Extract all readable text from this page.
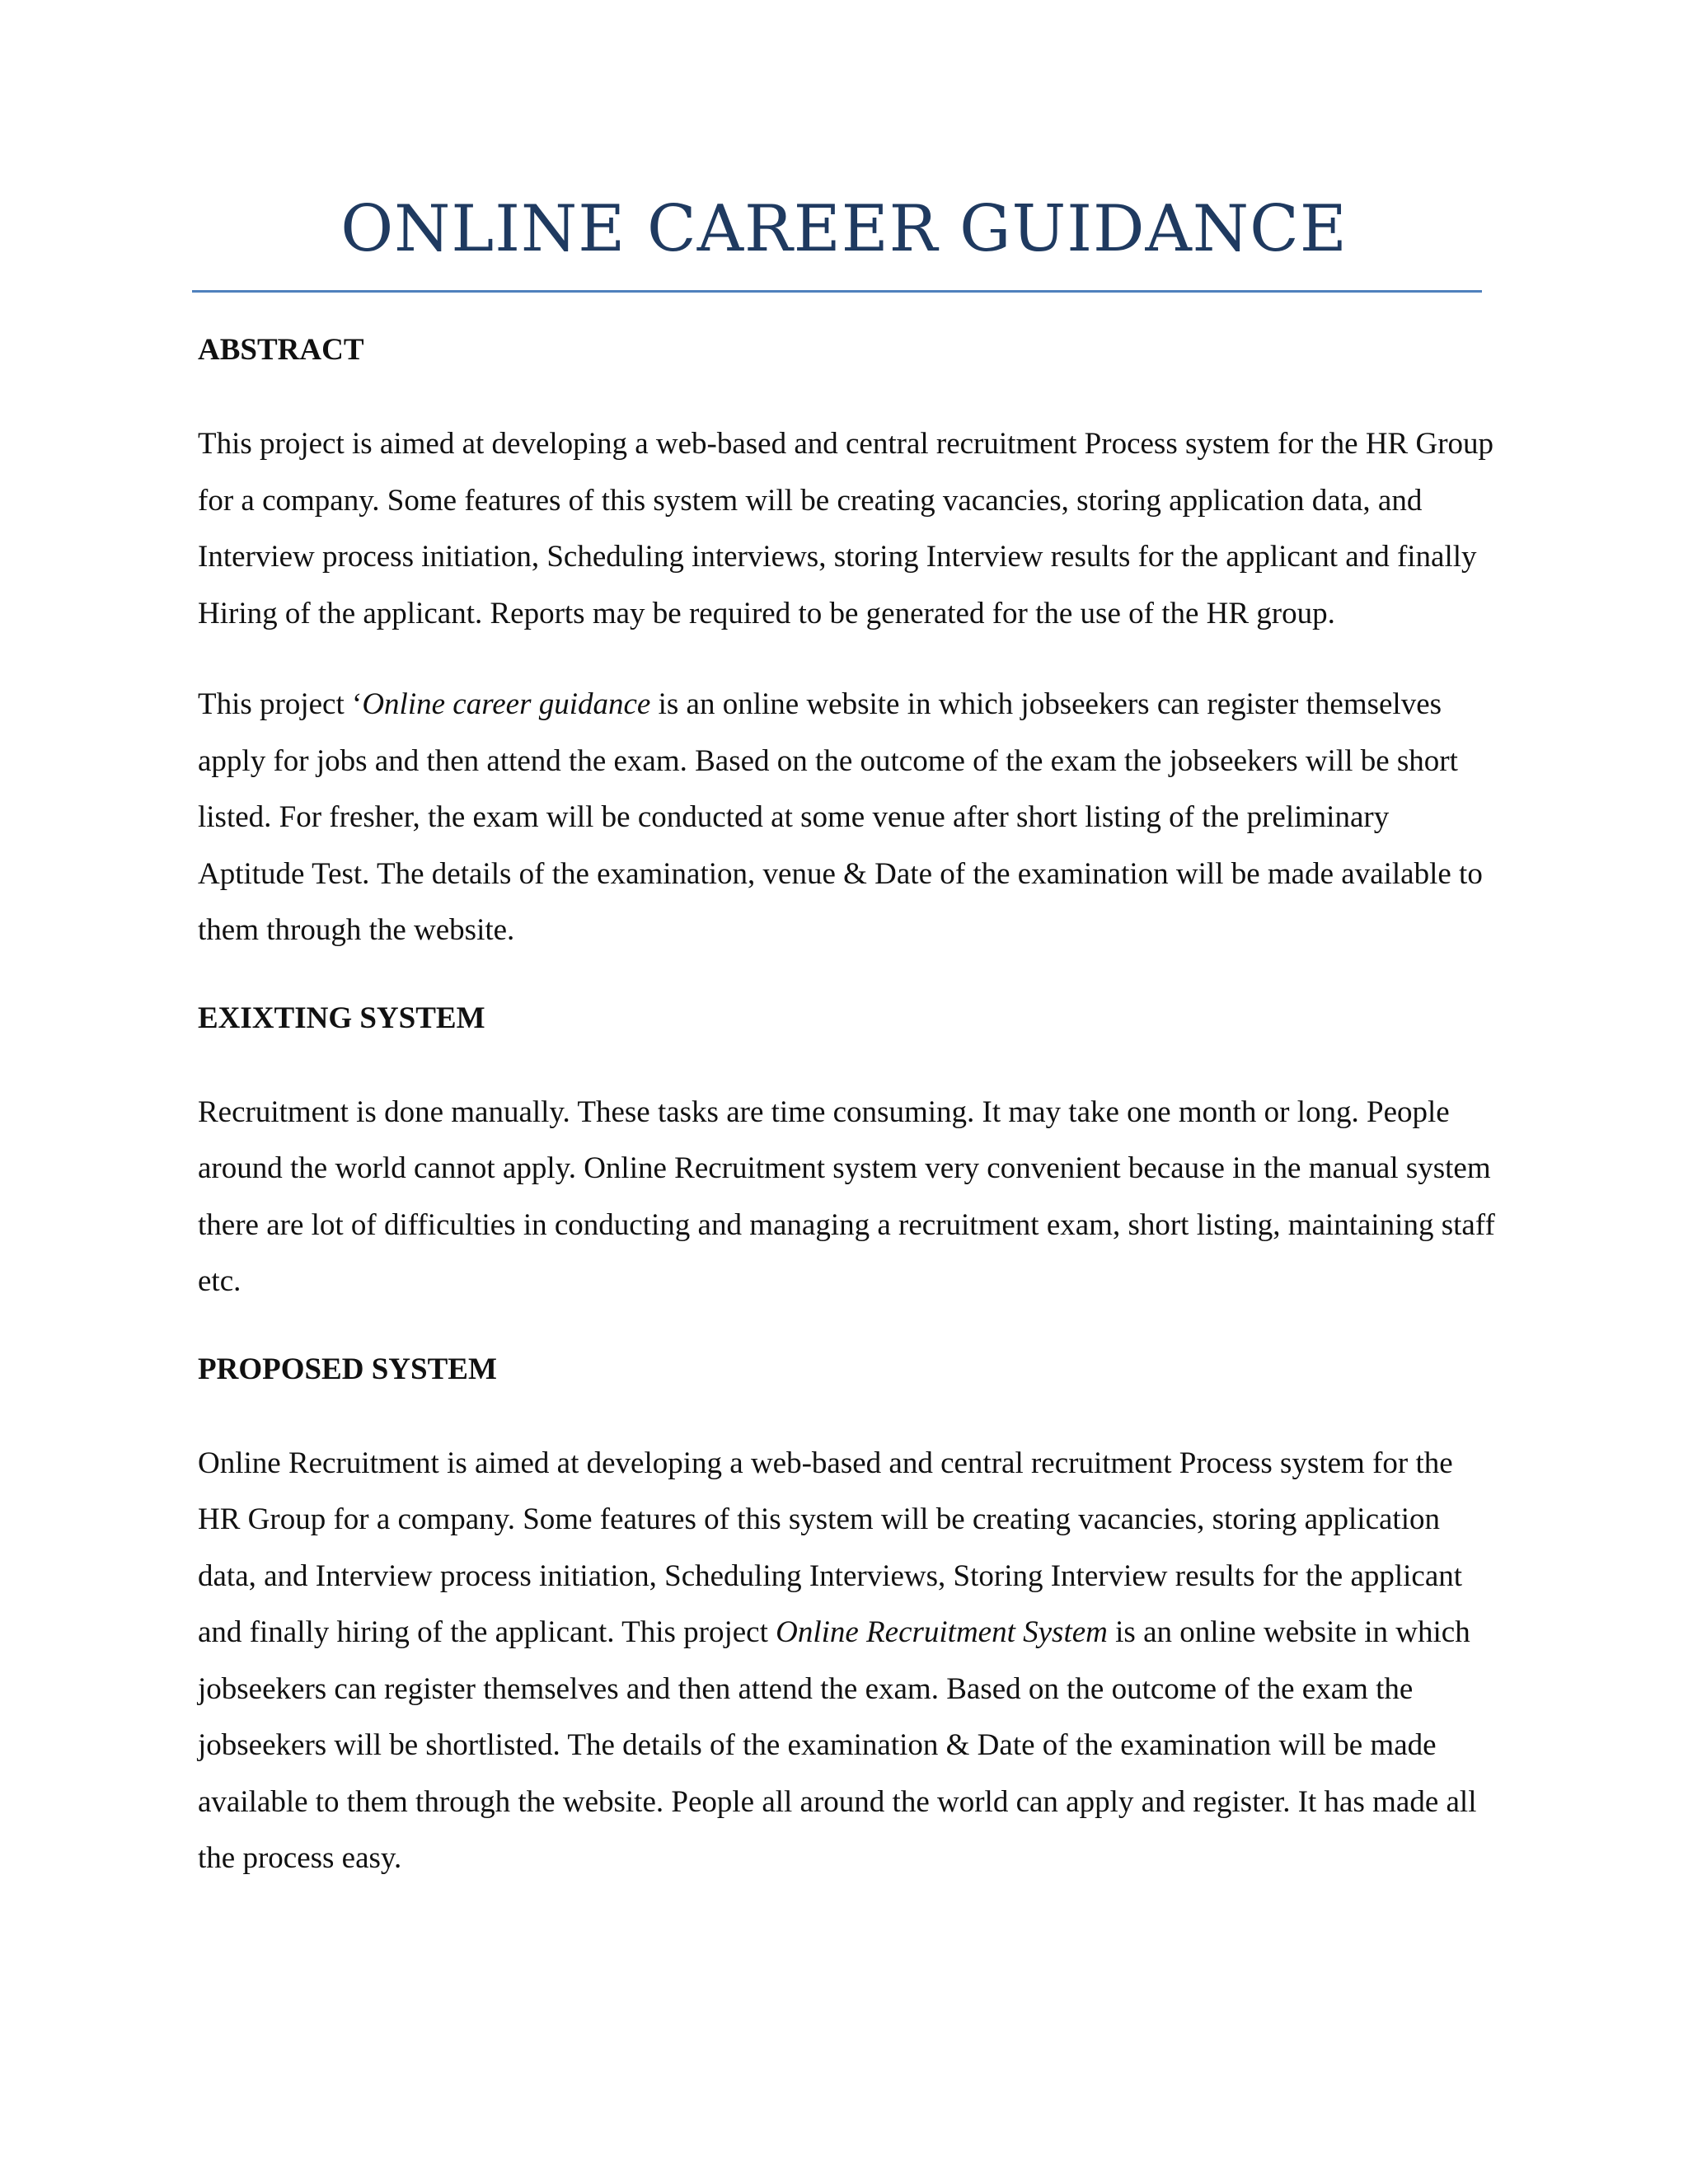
ONLINE CAREER GUIDANCE
ABSTRACT

This project is aimed at developing a web-based and central recruitment Process system for the HR Group for a company. Some features of this system will be creating vacancies, storing application data, and Interview process initiation, Scheduling interviews, storing Interview results for the applicant and finally Hiring of the applicant. Reports may be required to be generated for the use of the HR group.

This project ‘Online career guidance is an online website in which jobseekers can register themselves apply for jobs and then attend the exam. Based on the outcome of the exam the jobseekers will be short listed. For fresher, the exam will be conducted at some venue after short listing of the preliminary Aptitude Test. The details of the examination, venue & Date of the examination will be made available to them through the website.

EXIXTING SYSTEM

Recruitment is done manually. These tasks are time consuming. It may take one month or long. People around the world cannot apply. Online Recruitment system very convenient because in the manual system there are lot of difficulties in conducting and managing a recruitment exam, short listing, maintaining staff etc.

PROPOSED SYSTEM

Online Recruitment is aimed at developing a web-based and central recruitment Process system for the HR Group for a company. Some features of this system will be creating vacancies, storing application data, and Interview process initiation, Scheduling Interviews, Storing Interview results for the applicant and finally hiring of the applicant. This project Online Recruitment System is an online website in which jobseekers can register themselves and then attend the exam. Based on the outcome of the exam the jobseekers will be shortlisted. The details of the examination & Date of the examination will be made available to them through the website. People all around the world can apply and register. It has made all the process easy.
